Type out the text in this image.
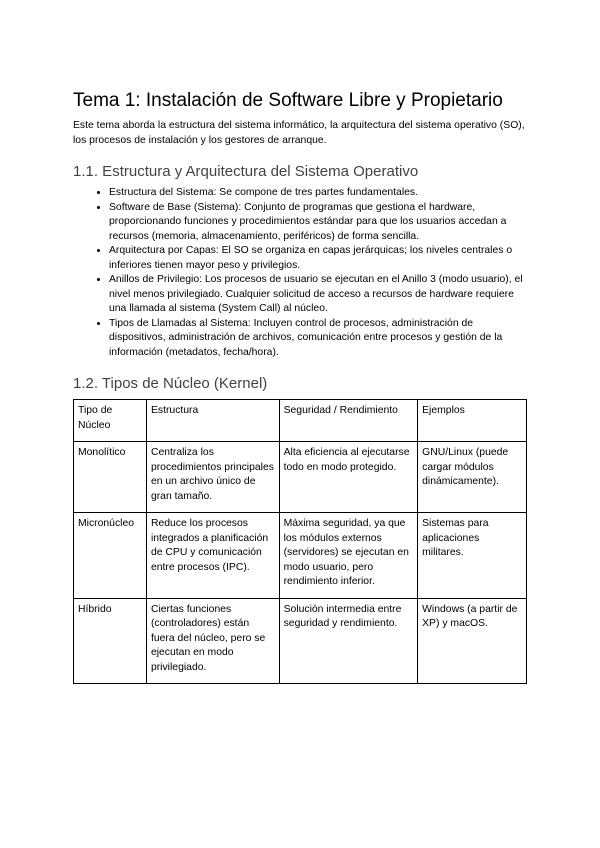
Tema 1: Instalación de Software Libre y Propietario

Este tema aborda la estructura del sistema informático, la arquitectura del sistema operativo (SO), los procesos de instalación y los gestores de arranque.

1.1. Estructura y Arquitectura del Sistema Operativo
• Estructura del Sistema: Se compone de tres partes fundamentales.
• Software de Base (Sistema): Conjunto de programas que gestiona el hardware, proporcionando funciones y procedimientos estándar para que los usuarios accedan a recursos (memoria, almacenamiento, periféricos) de forma sencilla.
• Arquitectura por Capas: El SO se organiza en capas jerárquicas; los niveles centrales o inferiores tienen mayor peso y privilegios.
• Anillos de Privilegio: Los procesos de usuario se ejecutan en el Anillo 3 (modo usuario), el nivel menos privilegiado. Cualquier solicitud de acceso a recursos de hardware requiere una llamada al sistema (System Call) al núcleo.
• Tipos de Llamadas al Sistema: Incluyen control de procesos, administración de dispositivos, administración de archivos, comunicación entre procesos y gestión de la información (metadatos, fecha/hora).
1.2. Tipos de Núcleo (Kernel)
Tipo de Núcleo	Estructura	Seguridad / Rendimiento	Ejemplos
Monolítico	Centraliza los procedimientos principales en un archivo único de gran tamaño.	Alta eficiencia al ejecutarse todo en modo protegido.	GNU/Linux (puede cargar módulos dinámicamente).
Micronúcleo	Reduce los procesos integrados a planificación de CPU y comunicación entre procesos (IPC).	Máxima seguridad, ya que los módulos externos (servidores) se ejecutan en modo usuario, pero rendimiento inferior.	Sistemas para aplicaciones militares.
Híbrido	Ciertas funciones (controladores) están fuera del núcleo, pero se ejecutan en modo privilegiado.	Solución intermedia entre seguridad y rendimiento.	Windows (a partir de XP) y macOS.
